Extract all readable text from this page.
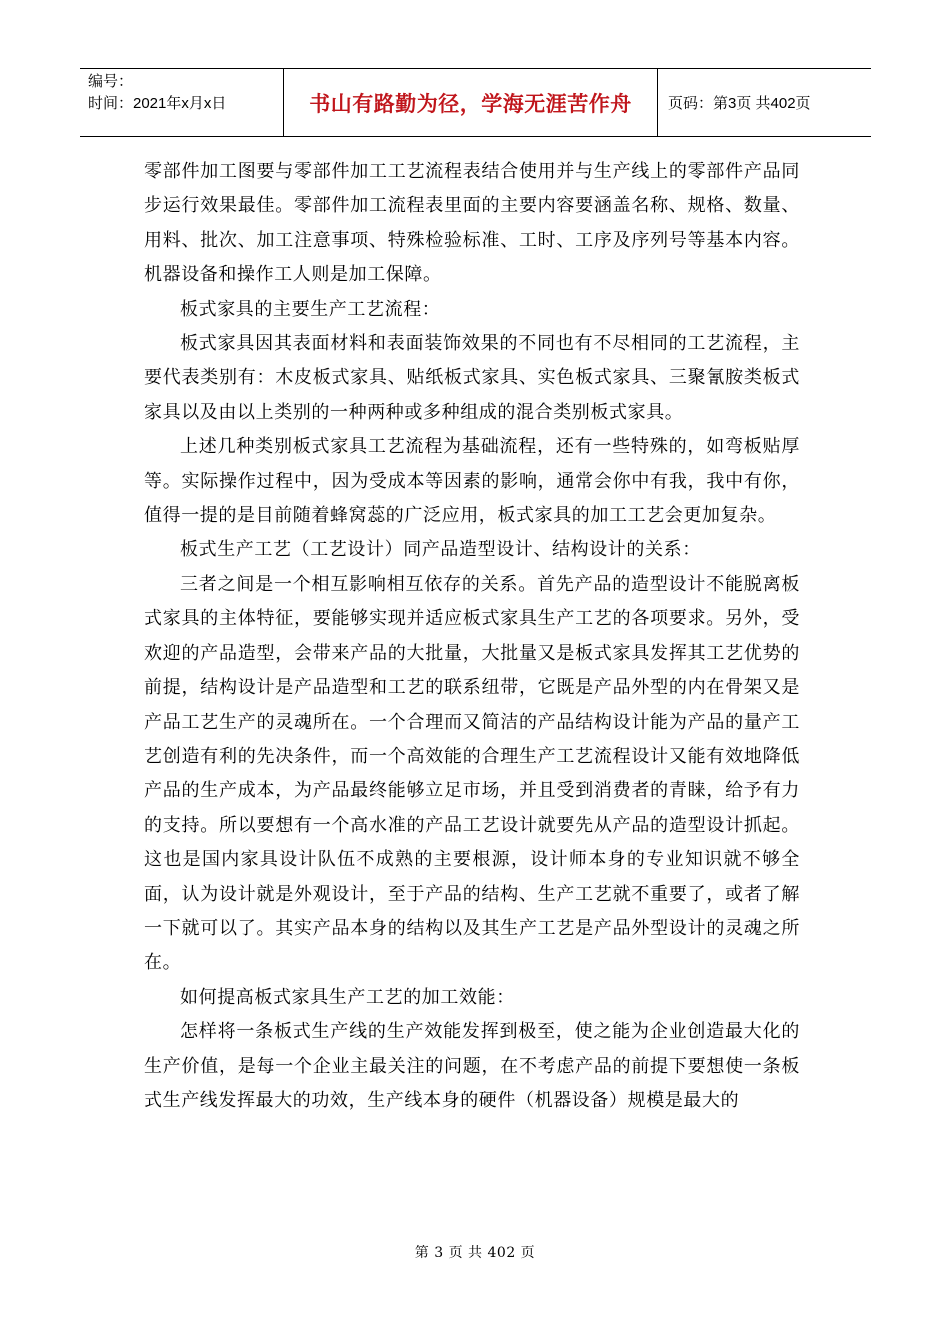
编号：
时间：2021年x月x日	书山有路勤为径，学海无涯苦作舟 页码：第3页 共402页

零部件加工图要与零部件加工工艺流程表结合使用并与生产线上的零部件产品同步运行效果最佳。零部件加工流程表里面的主要内容要涵盖名称、规格、数量、用料、批次、加工注意事项、特殊检验标准、工时、工序及序列号等基本内容。机器设备和操作工人则是加工保障。

板式家具的主要生产工艺流程：

板式家具因其表面材料和表面装饰效果的不同也有不尽相同的工艺流程，主要代表类别有：木皮板式家具、贴纸板式家具、实色板式家具、三聚氰胺类板式家具以及由以上类别的一种两种或多种组成的混合类别板式家具。

上述几种类别板式家具工艺流程为基础流程，还有一些特殊的，如弯板贴厚等。实际操作过程中，因为受成本等因素的影响，通常会你中有我，我中有你，值得一提的是目前随着蜂窝蕊的广泛应用，板式家具的加工工艺会更加复杂。

板式生产工艺（工艺设计）同产品造型设计、结构设计的关系：

三者之间是一个相互影响相互依存的关系。首先产品的造型设计不能脱离板式家具的主体特征，要能够实现并适应板式家具生产工艺的各项要求。另外，受欢迎的产品造型，会带来产品的大批量，大批量又是板式家具发挥其工艺优势的前提，结构设计是产品造型和工艺的联系纽带，它既是产品外型的内在骨架又是产品工艺生产的灵魂所在。一个合理而又简洁的产品结构设计能为产品的量产工艺创造有利的先决条件，而一个高效能的合理生产工艺流程设计又能有效地降低产品的生产成本，为产品最终能够立足市场，并且受到消费者的青睐，给予有力的支持。所以要想有一个高水准的产品工艺设计就要先从产品的造型设计抓起。这也是国内家具设计队伍不成熟的主要根源，设计师本身的专业知识就不够全面，认为设计就是外观设计，至于产品的结构、生产工艺就不重要了，或者了解一下就可以了。其实产品本身的结构以及其生产工艺是产品外型设计的灵魂之所在。

如何提高板式家具生产工艺的加工效能：

怎样将一条板式生产线的生产效能发挥到极至，使之能为企业创造最大化的生产价值，是每一个企业主最关注的问题，在不考虑产品的前提下要想使一条板式生产线发挥最大的功效，生产线本身的硬件（机器设备）规模是最大的

第 3 页 共 402 页
